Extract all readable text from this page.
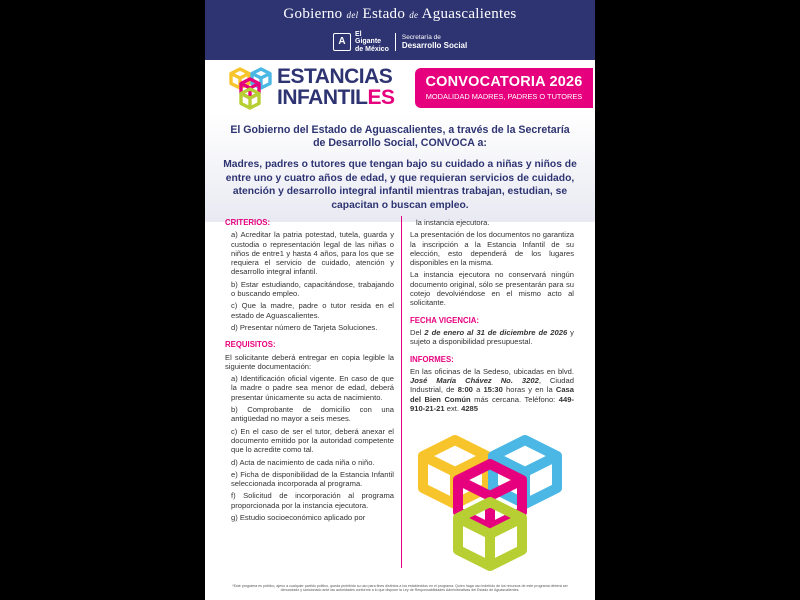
Gobierno del Estado de Aguascalientes
A
El
Gigante
de México
Secretaría de
Desarrollo Social
ESTANCIAS
INFANTILES
CONVOCATORIA 2026
MODALIDAD MADRES, PADRES O TUTORES
El Gobierno del Estado de Aguascalientes, a través de la Secretaría de Desarrollo Social, CONVOCA a:
Madres, padres o tutores que tengan bajo su cuidado a niñas y niños de entre uno y cuatro años de edad, y que requieran servicios de cuidado, atención y desarrollo integral infantil mientras trabajan, estudian, se capacitan o buscan empleo.
CRITERIOS:

a) Acreditar la patria potestad, tutela, guarda y custodia o representación legal de las niñas o niños de entre1 y hasta 4 años, para los que se requiera el servicio de cuidado, atención y desarrollo integral infantil.

b) Estar estudiando, capacitándose, trabajando o buscando empleo.

c) Que la madre, padre o tutor resida en el estado de Aguascalientes.

d) Presentar número de Tarjeta Soluciones.

REQUISITOS:

El solicitante deberá entregar en copia legible la siguiente documentación:

a) Identificación oficial vigente. En caso de que la madre o padre sea menor de edad, deberá presentar únicamente su acta de nacimiento.

b) Comprobante de domicilio con una antigüedad no mayor a seis meses.

c) En el caso de ser el tutor, deberá anexar el documento emitido por la autoridad competente que lo acredite como tal.

d) Acta de nacimiento de cada niña o niño.

e) Ficha de disponibilidad de la Estancia Infantil seleccionada incorporada al programa.

f) Solicitud de incorporación al programa proporcionada por la instancia ejecutora.

g) Estudio socioeconómico aplicado por

la instancia ejecutora.

La presentación de los documentos no garantiza la inscripción a la Estancia Infantil de su elección, esto dependerá de los lugares disponibles en la misma.

La instancia ejecutora no conservará ningún documento original, sólo se presentarán para su cotejo devolviéndose en el mismo acto al solicitante.

FECHA VIGENCIA:

Del 2 de enero al 31 de diciembre de 2026 y sujeto a disponibilidad presupuestal.

INFORMES:

En las oficinas de la Sedeso, ubicadas en blvd. José María Chávez No. 3202, Ciudad Industrial, de 8:00 a 15:30 horas y en la Casa del Bien Común más cercana. Teléfono: 449-910-21-21 ext. 4285

*Este programa es público, ajeno a cualquier partido político, queda prohibido su uso para fines distintos a los establecidos en el programa. Quien haga uso indebido de los recursos de este programa deberá ser denunciado y sancionado ante las autoridades conforme a lo que dispone la Ley de Responsabilidades Administrativas del Estado de Aguascalientes.
